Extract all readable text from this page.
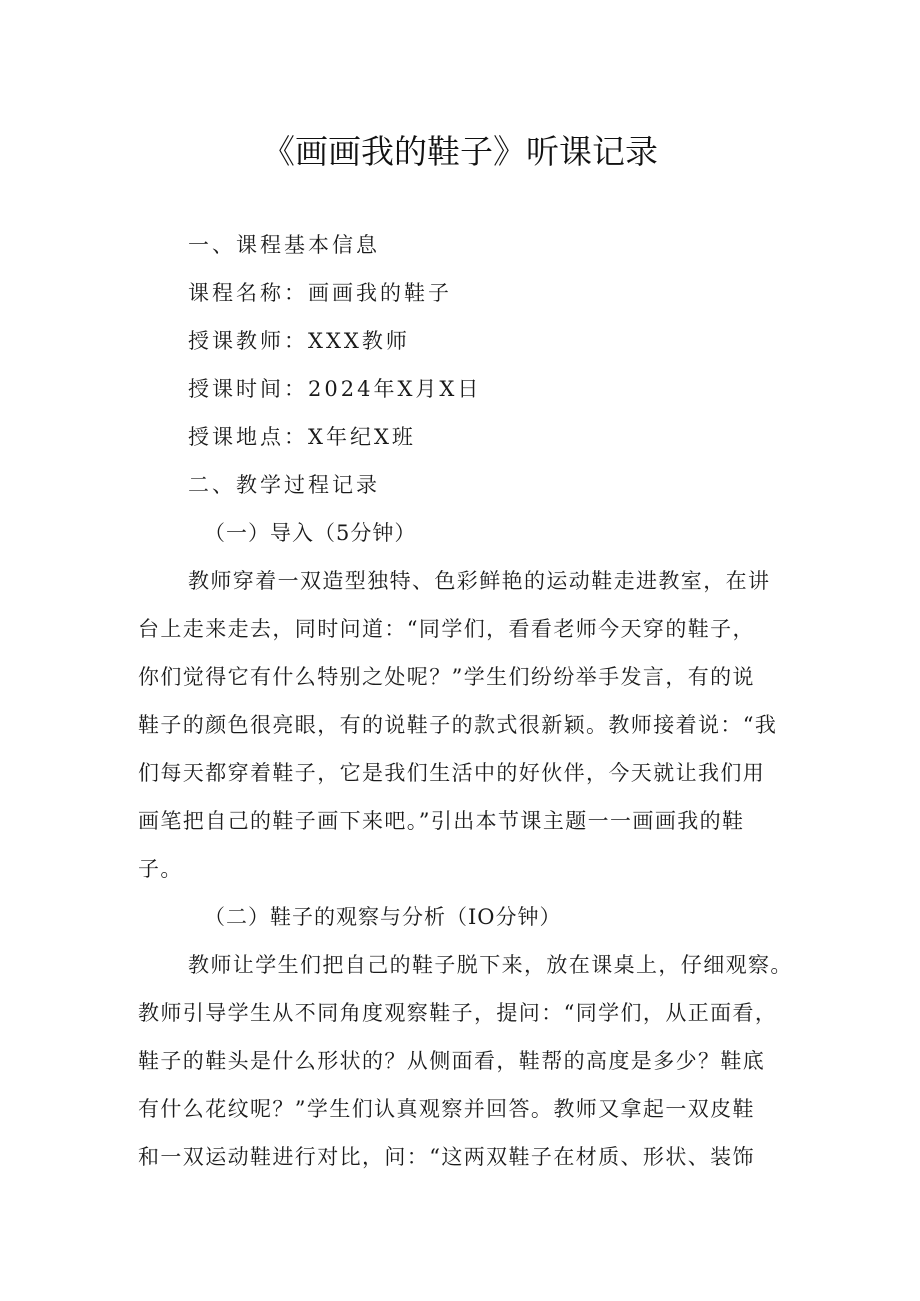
《画画我的鞋子》听课记录
一、课程基本信息
课程名称：画画我的鞋子
授课教师：XXX教师
授课时间：2024年X月X日
授课地点：X年纪X班
二、教学过程记录
（一）导入（5分钟）
教师穿着一双造型独特、色彩鲜艳的运动鞋走进教室，在讲
台上走来走去，同时问道：“同学们，看看老师今天穿的鞋子，
你们觉得它有什么特别之处呢？”学生们纷纷举手发言，有的说
鞋子的颜色很亮眼，有的说鞋子的款式很新颖。教师接着说：“我
们每天都穿着鞋子，它是我们生活中的好伙伴，今天就让我们用
画笔把自己的鞋子画下来吧。”引出本节课主题一一画画我的鞋
子。
（二）鞋子的观察与分析（IO分钟）
教师让学生们把自己的鞋子脱下来，放在课桌上，仔细观察。
教师引导学生从不同角度观察鞋子，提问：“同学们，从正面看，
鞋子的鞋头是什么形状的？从侧面看，鞋帮的高度是多少？鞋底
有什么花纹呢？”学生们认真观察并回答。教师又拿起一双皮鞋
和一双运动鞋进行对比，问：“这两双鞋子在材质、形状、装饰
